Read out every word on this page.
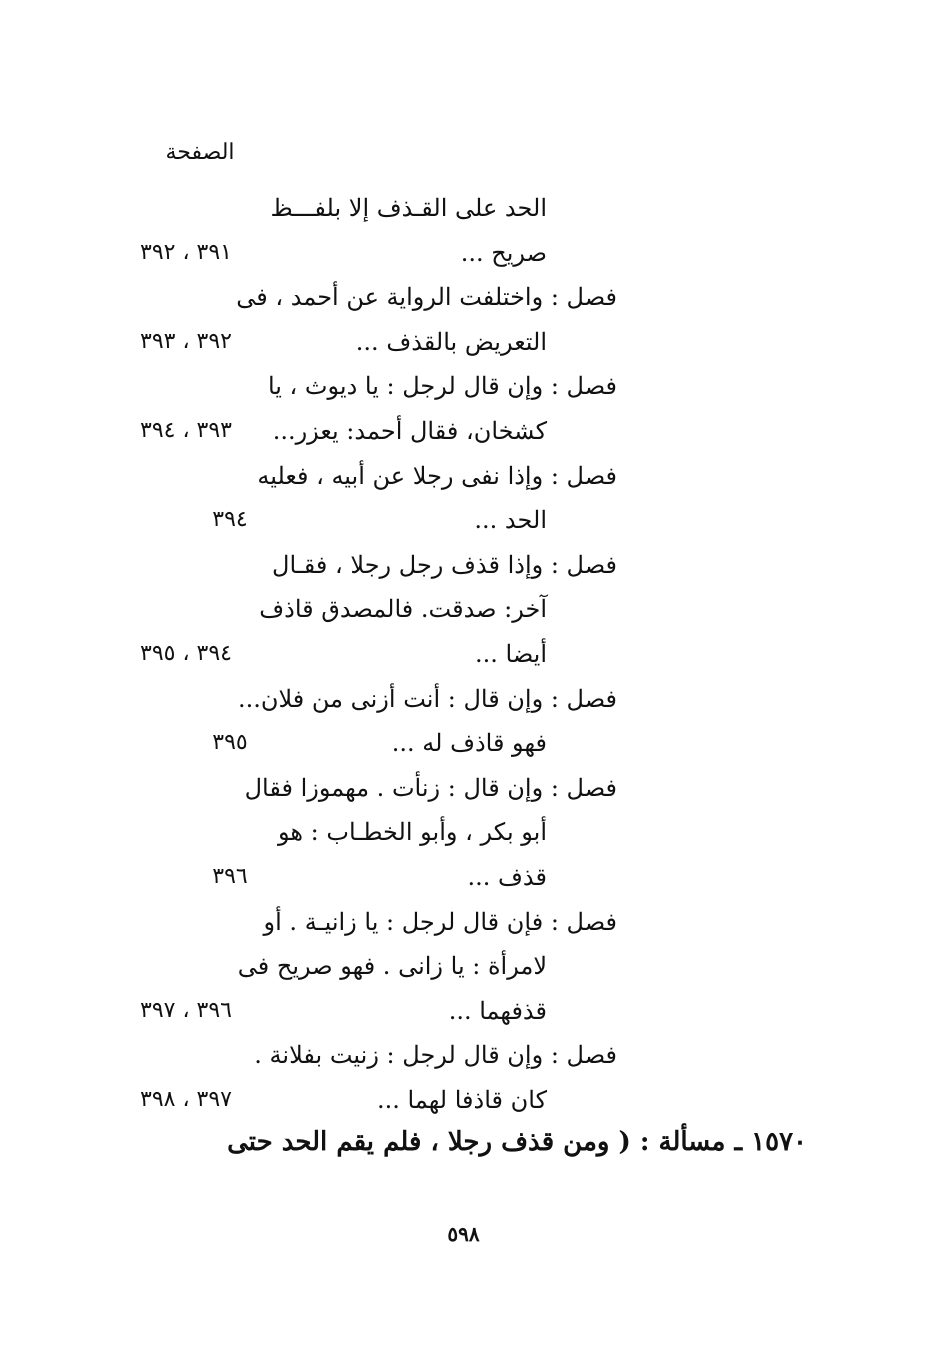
الصفحة
الحد على القـذف إلا بلفـــظ
صريح ...
٣٩١ ، ٣٩٢
فصل : واختلفت الرواية عن أحمد ، فى
التعريض بالقذف ...
٣٩٢ ، ٣٩٣
فصل : وإن قال لرجل : يا ديوث ، يا
كشخان، فقال أحمد: يعزر...
٣٩٣ ، ٣٩٤
فصل : وإذا نفى رجلا عن أبيه ، فعليه
الحد ...
٣٩٤
فصل : وإذا قذف رجل رجلا ، فقـال
آخر: صدقت. فالمصدق قاذف
أيضا ...
٣٩٤ ، ٣٩٥
فصل : وإن قال : أنت أزنى من فلان...
فهو قاذف له ...
٣٩٥
فصل : وإن قال : زنأت . مهموزا فقال
أبو بكر ، وأبو الخطـاب : هو
قذف ...
٣٩٦
فصل : فإن قال لرجل : يا زانيـة . أو
لامرأة : يا زانى . فهو صريح فى
قذفهما ...
٣٩٦ ، ٣٩٧
فصل : وإن قال لرجل : زنيت بفلانة .
كان قاذفا لهما ...
٣٩٧ ، ٣٩٨
١٥٧٠ ـ مسألة : ( ومن قذف رجلا ، فلم يقم الحد حتى
٥٩٨
